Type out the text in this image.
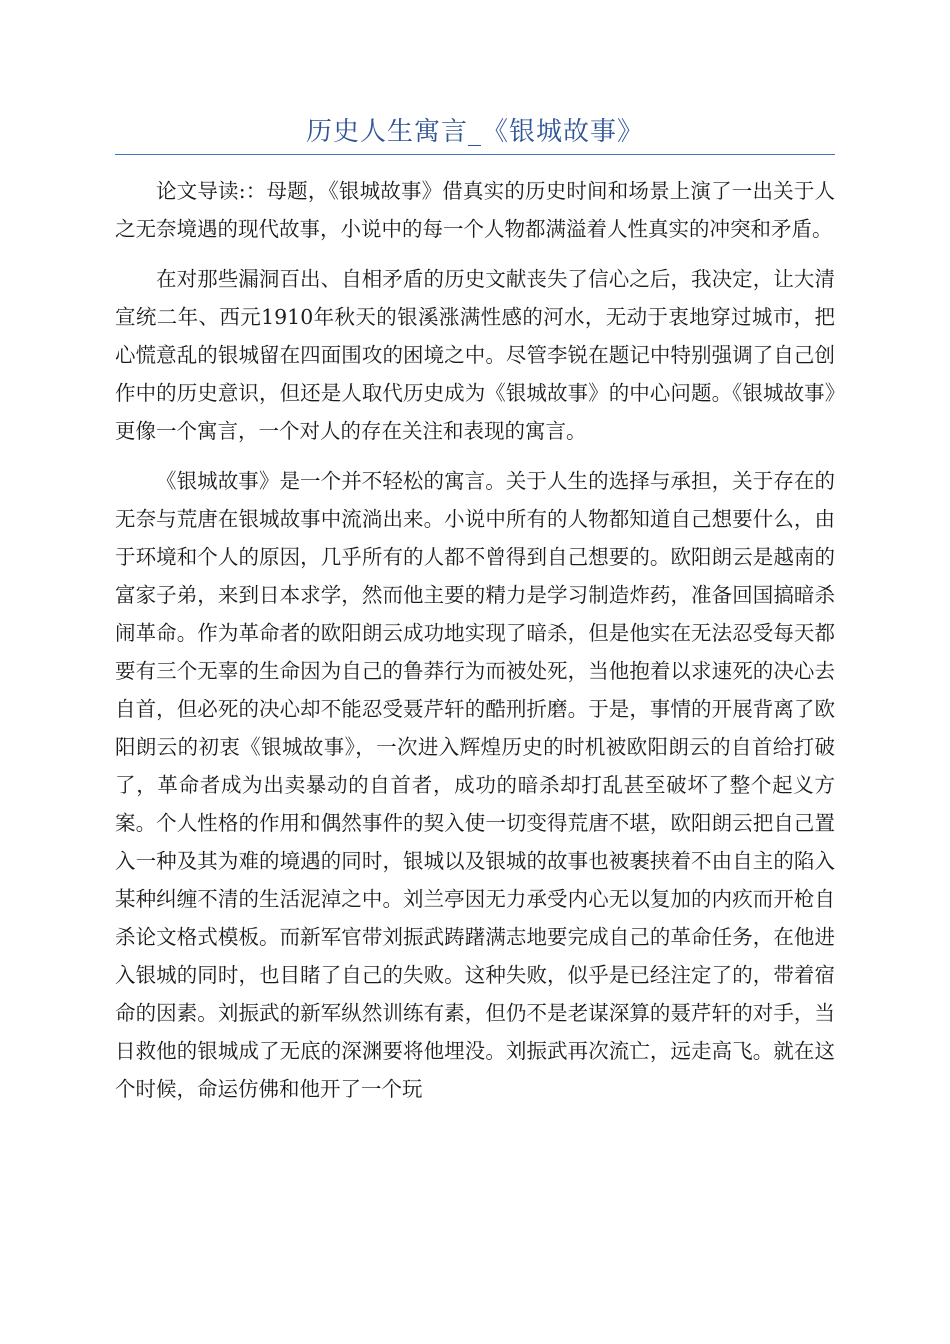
历史人生寓言_《银城故事》

论文导读:：母题，《银城故事》借真实的历史时间和场景上演了一出关于人之无奈境遇的现代故事，小说中的每一个人物都满溢着人性真实的冲突和矛盾。

在对那些漏洞百出、自相矛盾的历史文献丧失了信心之后，我决定，让大清宣统二年、西元1910年秋天的银溪涨满性感的河水，无动于衷地穿过城市，把心慌意乱的银城留在四面围攻的困境之中。尽管李锐在题记中特别强调了自己创作中的历史意识，但还是人取代历史成为《银城故事》的中心问题。《银城故事》更像一个寓言，一个对人的存在关注和表现的寓言。

《银城故事》是一个并不轻松的寓言。关于人生的选择与承担，关于存在的无奈与荒唐在银城故事中流淌出来。小说中所有的人物都知道自己想要什么，由于环境和个人的原因，几乎所有的人都不曾得到自己想要的。欧阳朗云是越南的富家子弟，来到日本求学，然而他主要的精力是学习制造炸药，准备回国搞暗杀闹革命。作为革命者的欧阳朗云成功地实现了暗杀，但是他实在无法忍受每天都要有三个无辜的生命因为自己的鲁莽行为而被处死，当他抱着以求速死的决心去自首，但必死的决心却不能忍受聂芹轩的酷刑折磨。于是，事情的开展背离了欧阳朗云的初衷《银城故事》，一次进入辉煌历史的时机被欧阳朗云的自首给打破了，革命者成为出卖暴动的自首者，成功的暗杀却打乱甚至破坏了整个起义方案。个人性格的作用和偶然事件的契入使一切变得荒唐不堪，欧阳朗云把自己置入一种及其为难的境遇的同时，银城以及银城的故事也被裹挟着不由自主的陷入某种纠缠不清的生活泥淖之中。刘兰亭因无力承受内心无以复加的内疚而开枪自杀论文格式模板。而新军官带刘振武踌躇满志地要完成自己的革命任务，在他进入银城的同时，也目睹了自己的失败。这种失败，似乎是已经注定了的，带着宿命的因素。刘振武的新军纵然训练有素，但仍不是老谋深算的聂芹轩的对手，当日救他的银城成了无底的深渊要将他埋没。刘振武再次流亡，远走高飞。就在这个时候，命运仿佛和他开了一个玩
